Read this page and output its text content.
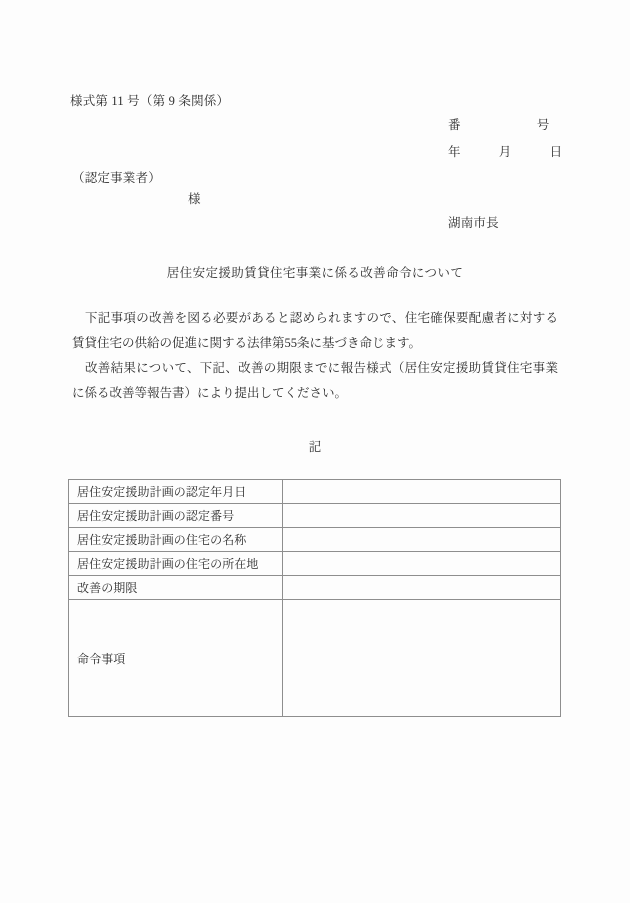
様式第 11 号（第 9 条関係）
番　　　　　　号
年　　　月　　　日
（認定事業者）
様
湖南市長
居住安定援助賃貸住宅事業に係る改善命令について

下記事項の改善を図る必要があると認められますので、住宅確保要配慮者に対する賃貸住宅の供給の促進に関する法律第55条に基づき命じます。

改善結果について、下記、改善の期限までに報告様式（居住安定援助賃貸住宅事業に係る改善等報告書）により提出してください。

記
居住安定援助計画の認定年月日	
居住安定援助計画の認定番号	
居住安定援助計画の住宅の名称	
居住安定援助計画の住宅の所在地	
改善の期限	
命令事項	
